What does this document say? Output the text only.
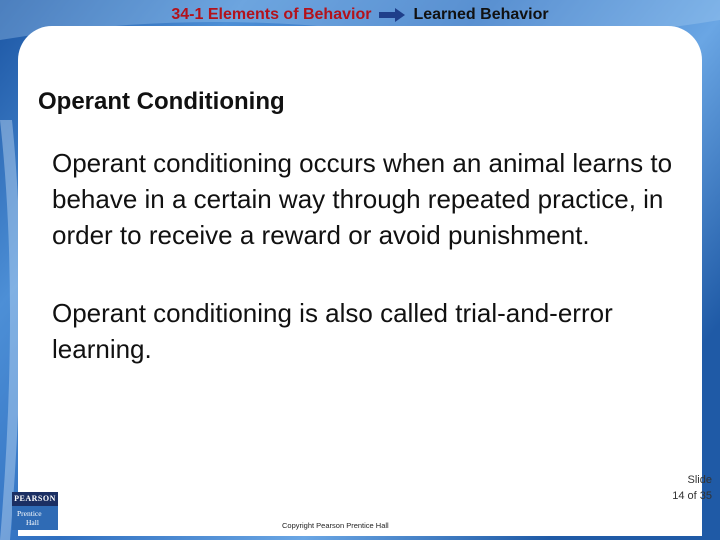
34-1 Elements of Behavior	Learned Behavior
Operant Conditioning

Operant conditioning occurs when an animal learns to behave in a certain way through repeated practice, in order to receive a reward or avoid punishment.

Operant conditioning is also called trial-and-error learning.

Slide
14 of 35
Copyright Pearson Prentice Hall
PEARSON
Prentice
Hall
